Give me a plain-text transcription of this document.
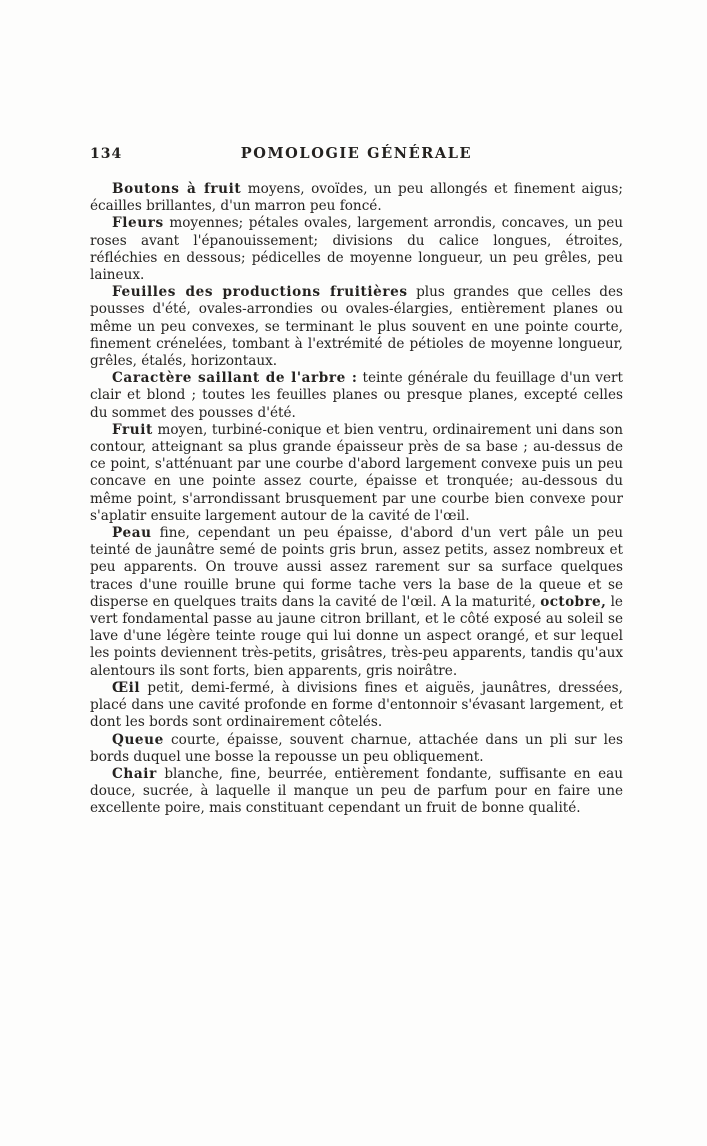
134	POMOLOGIE GÉNÉRALE

Boutons à fruit moyens, ovoïdes, un peu allongés et finement aigus; écailles brillantes, d'un marron peu foncé.

Fleurs moyennes; pétales ovales, largement arrondis, concaves, un peu roses avant l'épanouissement; divisions du calice longues, étroites, réfléchies en dessous; pédicelles de moyenne longueur, un peu grêles, peu laineux.

Feuilles des productions fruitières plus grandes que celles des pousses d'été, ovales-arrondies ou ovales-élargies, entièrement planes ou même un peu convexes, se terminant le plus souvent en une pointe courte, finement crénelées, tombant à l'extrémité de pétioles de moyenne longueur, grêles, étalés, horizontaux.

Caractère saillant de l'arbre : teinte générale du feuillage d'un vert clair et blond ; toutes les feuilles planes ou presque planes, excepté celles du sommet des pousses d'été.

Fruit moyen, turbiné-conique et bien ventru, ordinairement uni dans son contour, atteignant sa plus grande épaisseur près de sa base ; au-dessus de ce point, s'atténuant par une courbe d'abord largement convexe puis un peu concave en une pointe assez courte, épaisse et tronquée; au-dessous du même point, s'arrondissant brusquement par une courbe bien convexe pour s'aplatir ensuite largement autour de la cavité de l'œil.

Peau fine, cependant un peu épaisse, d'abord d'un vert pâle un peu teinté de jaunâtre semé de points gris brun, assez petits, assez nombreux et peu apparents. On trouve aussi assez rarement sur sa surface quelques traces d'une rouille brune qui forme tache vers la base de la queue et se disperse en quelques traits dans la cavité de l'œil. A la maturité, octobre, le vert fondamental passe au jaune citron brillant, et le côté exposé au soleil se lave d'une légère teinte rouge qui lui donne un aspect orangé, et sur lequel les points deviennent très-petits, grisâtres, très-peu apparents, tandis qu'aux alentours ils sont forts, bien apparents, gris noirâtre.

Œil petit, demi-fermé, à divisions fines et aiguës, jaunâtres, dressées, placé dans une cavité profonde en forme d'entonnoir s'évasant largement, et dont les bords sont ordinairement côtelés.

Queue courte, épaisse, souvent charnue, attachée dans un pli sur les bords duquel une bosse la repousse un peu obliquement.

Chair blanche, fine, beurrée, entièrement fondante, suffisante en eau douce, sucrée, à laquelle il manque un peu de parfum pour en faire une excellente poire, mais constituant cependant un fruit de bonne qualité.
